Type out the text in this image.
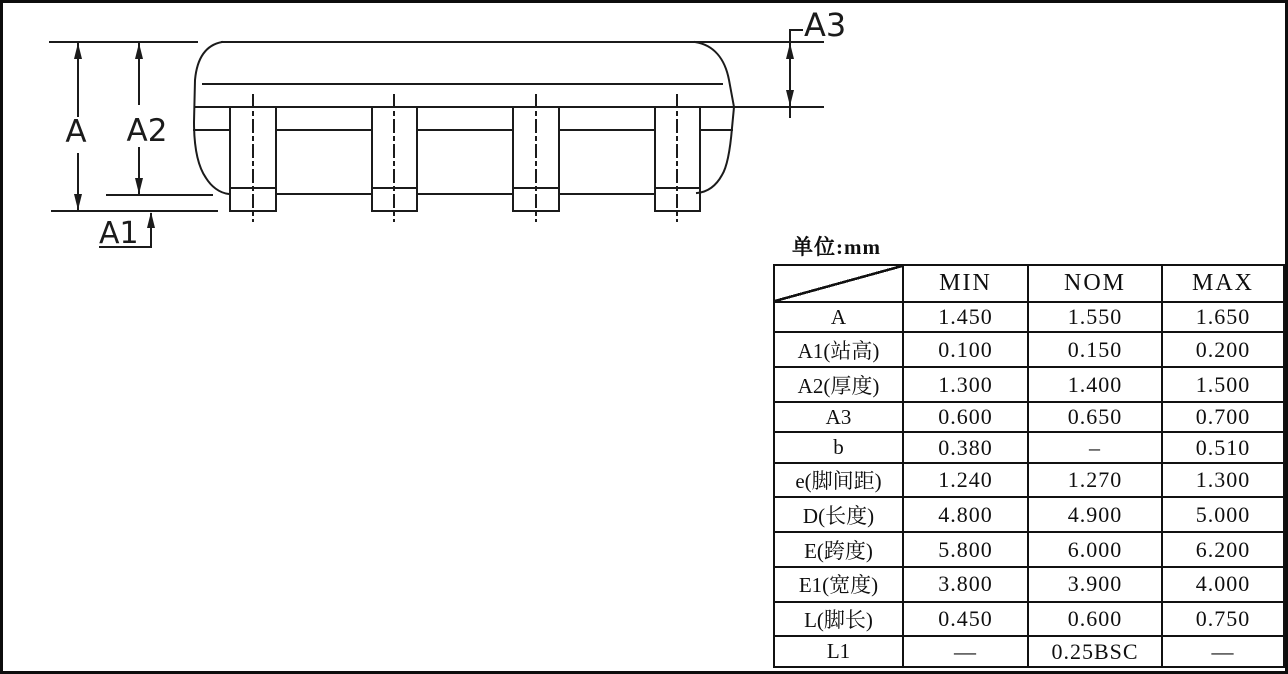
A A2
A1
A3
单位:mm
	MIN	NOM	MAX
A	1.450	1.550	1.650
A1(站高)	0.100	0.150	0.200
A2(厚度)	1.300	1.400	1.500
A3	0.600	0.650	0.700
b	0.380	–	0.510
e(脚间距)	1.240	1.270	1.300
D(长度)	4.800	4.900	5.000
E(跨度)	5.800	6.000	6.200
E1(宽度)	3.800	3.900	4.000
L(脚长)	0.450	0.600	0.750
L1	—	0.25BSC	—
